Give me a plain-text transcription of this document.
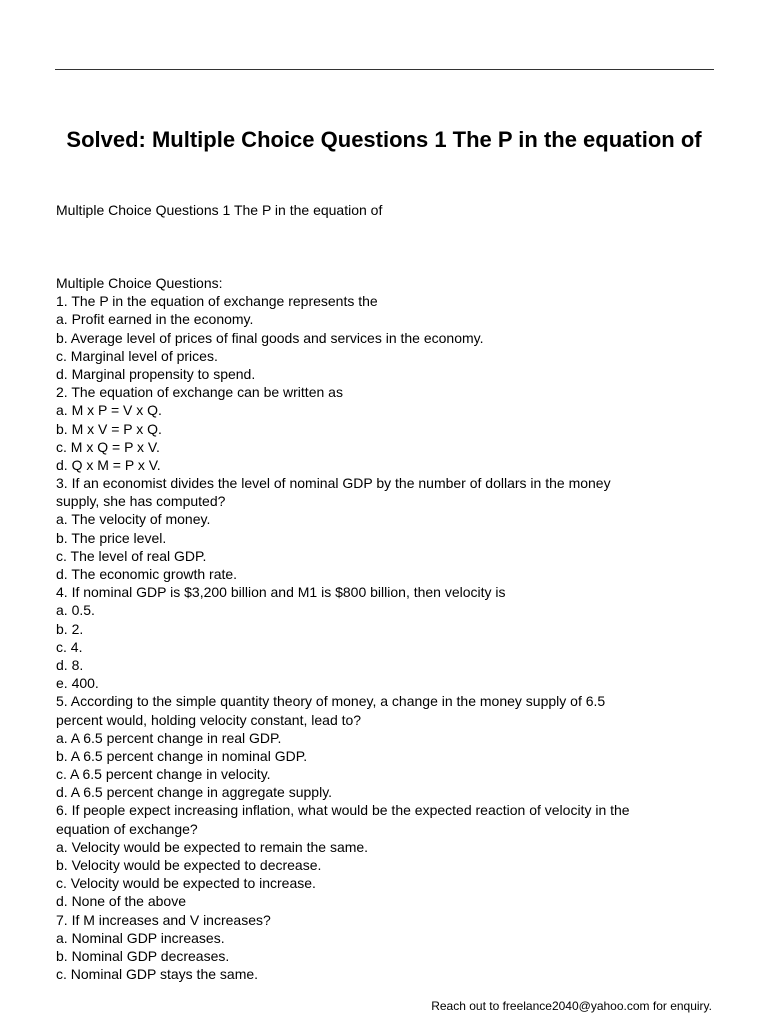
Solved: Multiple Choice Questions 1 The P in the equation of

Multiple Choice Questions 1 The P in the equation of

Multiple Choice Questions:
1. The P in the equation of exchange represents the
a. Profit earned in the economy.
b. Average level of prices of final goods and services in the economy.
c. Marginal level of prices.
d. Marginal propensity to spend.
2. The equation of exchange can be written as
a. M x P = V x Q.
b. M x V = P x Q.
c. M x Q = P x V.
d. Q x M = P x V.
3. If an economist divides the level of nominal GDP by the number of dollars in the money
supply, she has computed?
a. The velocity of money.
b. The price level.
c. The level of real GDP.
d. The economic growth rate.
4. If nominal GDP is $3,200 billion and M1 is $800 billion, then velocity is
a. 0.5.
b. 2.
c. 4.
d. 8.
e. 400.
5. According to the simple quantity theory of money, a change in the money supply of 6.5
percent would, holding velocity constant, lead to?
a. A 6.5 percent change in real GDP.
b. A 6.5 percent change in nominal GDP.
c. A 6.5 percent change in velocity.
d. A 6.5 percent change in aggregate supply.
6. If people expect increasing inflation, what would be the expected reaction of velocity in the
equation of exchange?
a. Velocity would be expected to remain the same.
b. Velocity would be expected to decrease.
c. Velocity would be expected to increase.
d. None of the above
7. If M increases and V increases?
a. Nominal GDP increases.
b. Nominal GDP decreases.
c. Nominal GDP stays the same.

Reach out to freelance2040@yahoo.com for enquiry.
